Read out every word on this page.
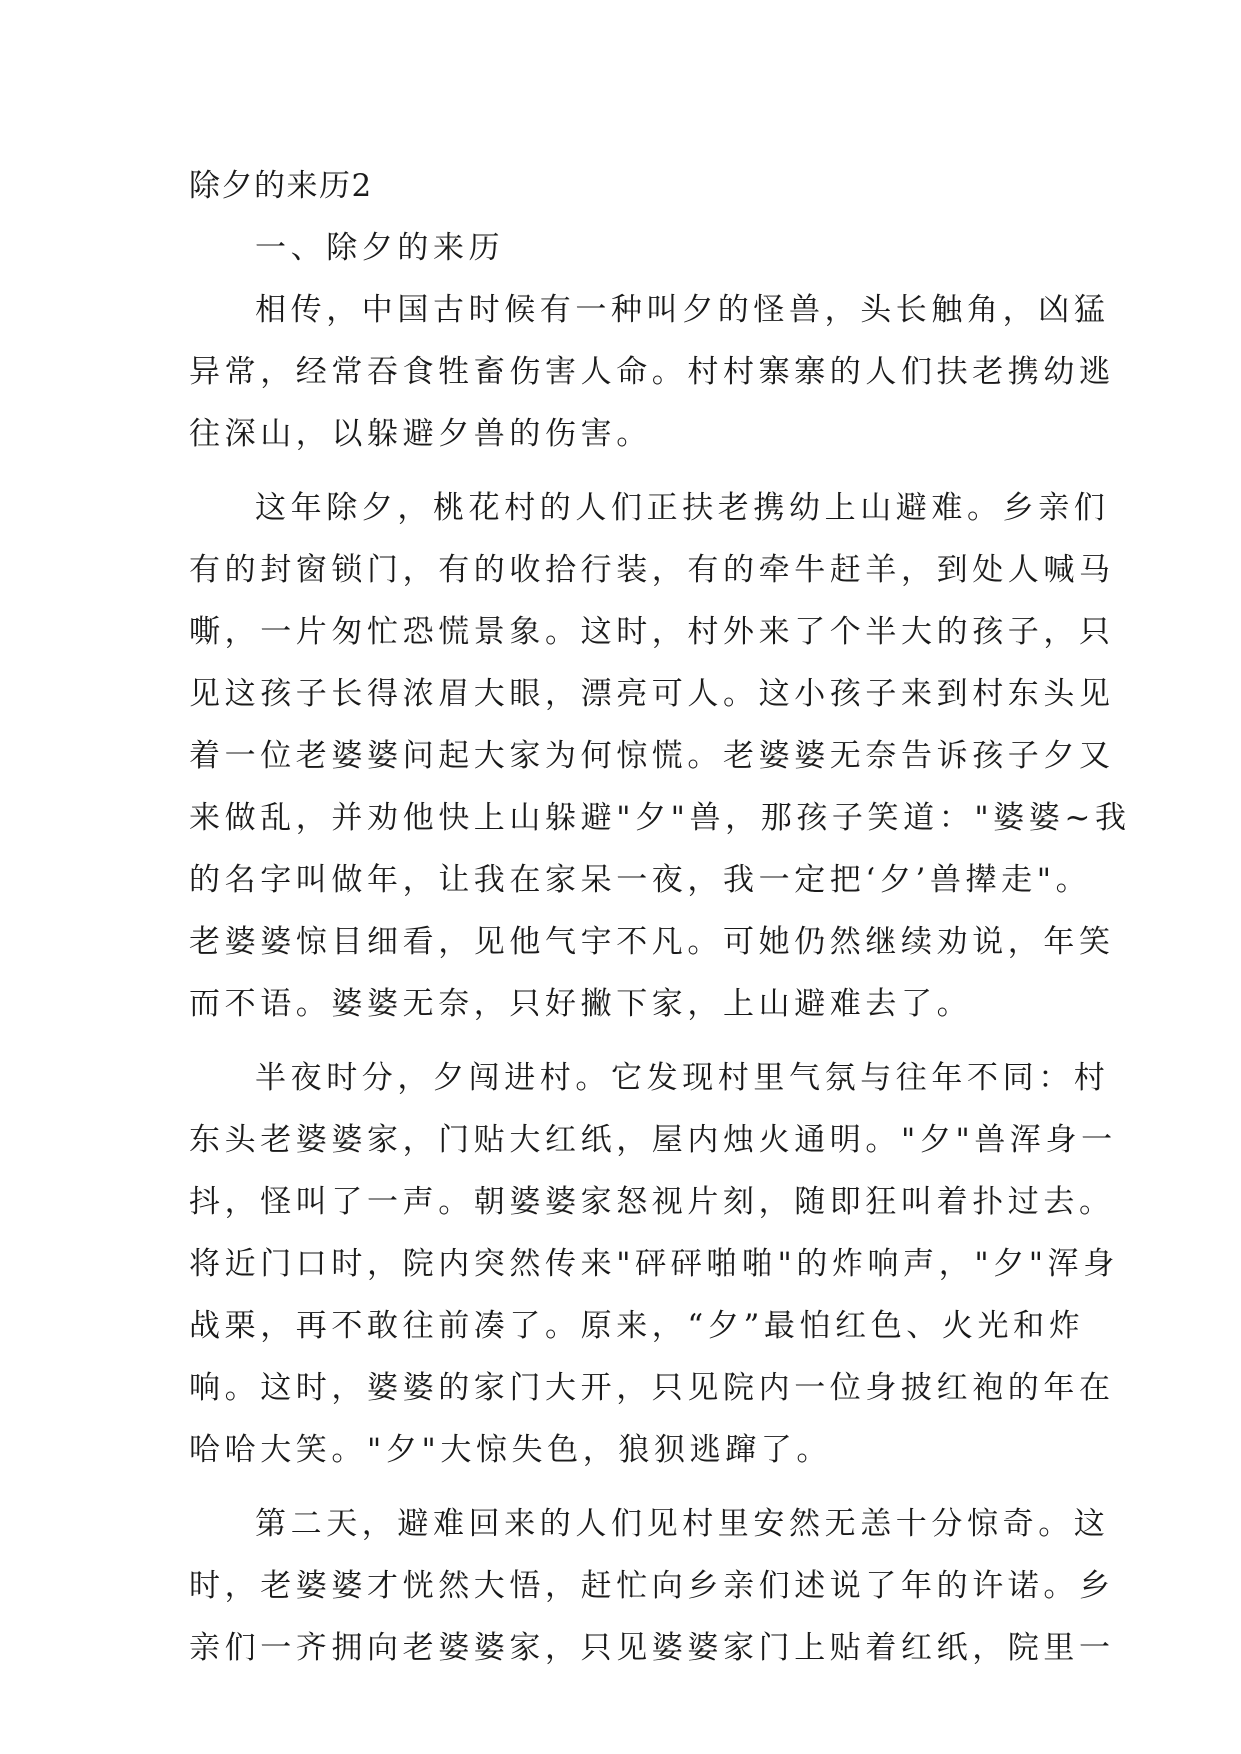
除夕的来历2
一、除夕的来历
相传，中国古时候有一种叫夕的怪兽，头长触角，凶猛
异常，经常吞食牲畜伤害人命。村村寨寨的人们扶老携幼逃
往深山，以躲避夕兽的伤害。
这年除夕，桃花村的人们正扶老携幼上山避难。乡亲们
有的封窗锁门，有的收拾行装，有的牵牛赶羊，到处人喊马
嘶，一片匆忙恐慌景象。这时，村外来了个半大的孩子，只
见这孩子长得浓眉大眼，漂亮可人。这小孩子来到村东头见
着一位老婆婆问起大家为何惊慌。老婆婆无奈告诉孩子夕又
来做乱，并劝他快上山躲避"夕"兽，那孩子笑道："婆婆~我
的名字叫做年，让我在家呆一夜，我一定把‘夕’兽撵走"。
老婆婆惊目细看，见他气宇不凡。可她仍然继续劝说，年笑
而不语。婆婆无奈，只好撇下家，上山避难去了。
半夜时分，夕闯进村。它发现村里气氛与往年不同：村
东头老婆婆家，门贴大红纸，屋内烛火通明。"夕"兽浑身一
抖，怪叫了一声。朝婆婆家怒视片刻，随即狂叫着扑过去。
将近门口时，院内突然传来"砰砰啪啪"的炸响声，"夕"浑身
战栗，再不敢往前凑了。原来，“夕”最怕红色、火光和炸
响。这时，婆婆的家门大开，只见院内一位身披红袍的年在
哈哈大笑。"夕"大惊失色，狼狈逃蹿了。
第二天，避难回来的人们见村里安然无恙十分惊奇。这
时，老婆婆才恍然大悟，赶忙向乡亲们述说了年的许诺。乡
亲们一齐拥向老婆婆家，只见婆婆家门上贴着红纸，院里一
